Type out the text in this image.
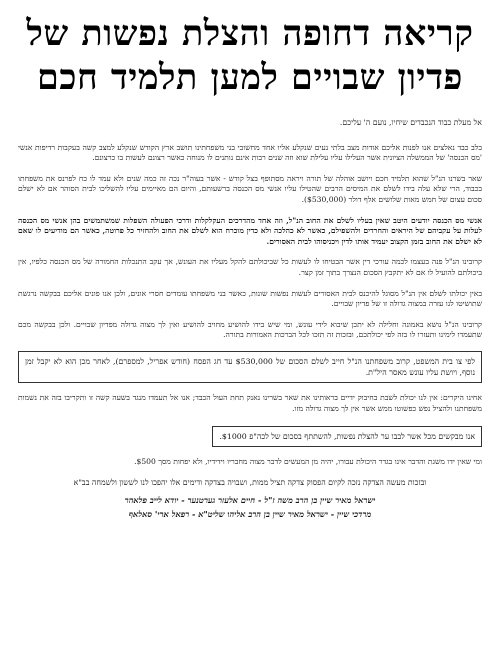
קריאה דחופה והצלת נפשות של
פדיון שבויים למען תלמיד חכם

אל מעלת כבוד הנכבדים שיחיו, נועם ה' עליכם.

בלב כבד נאלצים אנו לפנות אליכם אודות מצב בלתי נעים שנקלע אליו אחד מחשובי בני משפחתינו תושב ארץ הקודש שנקלע למצב קשה בעקבות רדיפות אנשי 'מס הכנסה' של הממשלה הציונית אשר העלילו עליו עלילת שוא וזה שנים רבות אינם נותנים לו מנוחה כאשר רצונם לעשות בו כרצונם.

שאר בשרנו הנ"ל שהוא תלמיד חכם ויושב אוהלה של תורה ויראה מסתופף בצל קודש - אשר בעוה"ר נכה זה כמה שנים ולא עמד לו כח לפרנס את משפחתו בכבוד, הרי שלא עלה בידו לשלם את המיסים הרבים שהטילו עליו אנשי מס הכנסה ברשעותם, והיום הם מאיימים עליו להשליכו לבית הסוהר אם לא ישלם סכום עצום של חמש מאות שלושים אלף דולר ($530,000).

אנשי מס הכנסה יודעים היטב שאין בעליו לשלם את החוב הנ"ל, וזה אחד מהדרכים העקלקלות ודרכי הפעולה השפלות שמשתמשים בהן אנשי מס הכנסה לעלות על עקביהם של היראים והחרדים ולהשפילם, כאשר לא כהלכה ולא כדין מוכרח הוא לשלם את החוב ולהחזיר כל פרוטה, כאשר הם מודיעים לו שאם לא ישלם את החוב בזמן הקצוב יעמיד אותו לדין ויכניסוהו לבית האסורים.

קרובינו הנ"ל פנה בעצמו לכמה עורכי דין אשר הבטיחו לו לעשות כל שביכולתם להקל מעליו את העונש, אך עקב התנכלות החמורה של מס הכנסה כלפיו, אין ביכולתם להועיל לו אם לא יתקבץ הסכום הנצרך בתוך זמן קצר.

באין יכולתו לשלם אין הנ"ל מסוגל להיכנס לבית האסורים לעשות נפשות שונות, כאשר בני משפחתו עומדים חסרי אונים, ולכן אנו פונים אליכם בבקשה נרגשת שתושיטו לנו עזרה במצוה גדולה זו של פדיון שבויים.

קרובינו הנ"ל נושא באמונה וחלילה לא יתכן שיבוא לידי עונש, ומי שיש בידו להושיע מחויב להושיע ואין לך מצוה גדולה מפדיון שבויים. ולכן בבקשה מכם שתעמדו לימינו ותעזרו לו בזה לפי יכולתכם, ובזכות זה תזכו לכל הברכות האמורות בתורה.

לפי צו בית המשפט, קרוב משפחתנו הנ"ל חייב לשלם הסכום של $530,000 עד חג הפסח (חודש אפריל, למספרם), לאחר מכן הוא לא יקבל זמן נוסף, ויושת עליו עונש מאסר היל"ת.

אחינו היקרים: אין לנו יכולת לשבת בחיבוק ידיים בראותינו את שאר בשרינו נאנק תחת העול הכבד; אנו אל תעמדו מנגד בשעה קשה זו ותקריבו בזה את נשמות משפחתנו ולהציל נפש כפשוטו ממש אשר אין לך מצוה גדולה מזו.

אנו מבקשים מכל אשר לבבו ער להצלת נפשות, להשתתף בסכום של לכה"פ $1000.

ומי שאין ידו משגת והדבר אינו בגדר היכולת עבורו, יהיה מן המעשים לדבר מצוה מחבריו וידידיו, ולא יפחות מסך $500.

ובזכות מעשה הצדקה נזכה לקיום הפסוק צדקה תציל ממות, ושבויה בצדקה ודימים אלו יהפכו לנו לששון ולשמחה בב"א

ישראל מאיר שיין בן הרב משה ז"ל - חיים אלעזר גערטנער - יודא לייב פלאהר

מרדכי שיין - ישראל מאיר שיין בן הרב אליהו שליט"א - רפאל ארי' סאלאף
